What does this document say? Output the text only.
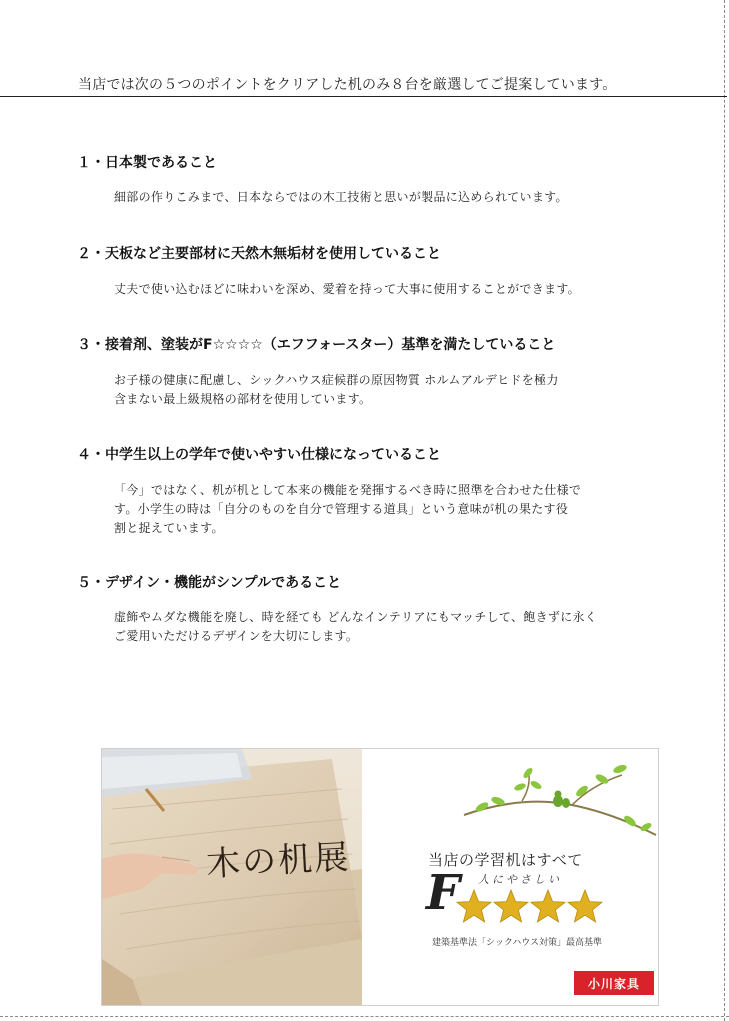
当店では次の５つのポイントをクリアした机のみ８台を厳選してご提案しています。
１・日本製であること

細部の作りこみまで、日本ならではの木工技術と思いが製品に込められています。

２・天板など主要部材に天然木無垢材を使用していること

丈夫で使い込むほどに味わいを深め、愛着を持って大事に使用することができます。

３・接着剤、塗装がF☆☆☆☆（エフフォースター）基準を満たしていること

お子様の健康に配慮し、シックハウス症候群の原因物質 ホルムアルデヒドを極力

含まない最上級規格の部材を使用しています。

４・中学生以上の学年で使いやすい仕様になっていること

「今」ではなく、机が机として本来の機能を発揮するべき時に照準を合わせた仕様で

す。小学生の時は「自分のものを自分で管理する道具」という意味が机の果たす役

割と捉えています。

５・デザイン・機能がシンプルであること

虚飾やムダな機能を廃し、時を経ても どんなインテリアにもマッチして、飽きずに永く

ご愛用いただけるデザインを大切にします。

木の机展	当店の学習机はすべて
F 人にやさしい
建築基準法「シックハウス対策」最高基準
小川家具
